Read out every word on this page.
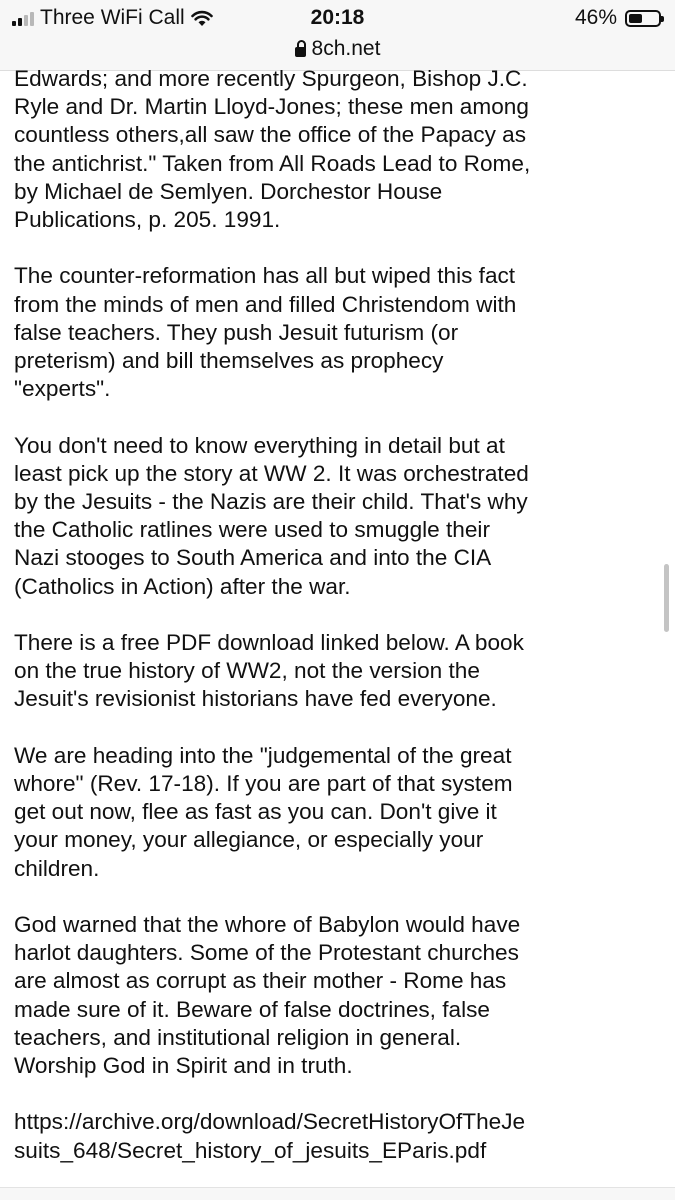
Three WiFi Call	20:18	46%
8ch.net

Edwards; and more recently Spurgeon, Bishop J.C.
Ryle and Dr. Martin Lloyd-Jones; these men among
countless others,all saw the office of the Papacy as
the antichrist." Taken from All Roads Lead to Rome,
by Michael de Semlyen. Dorchestor House
Publications, p. 205. 1991.

The counter-reformation has all but wiped this fact
from the minds of men and filled Christendom with
false teachers. They push Jesuit futurism (or
preterism) and bill themselves as prophecy
"experts".

You don't need to know everything in detail but at
least pick up the story at WW 2. It was orchestrated
by the Jesuits - the Nazis are their child. That's why
the Catholic ratlines were used to smuggle their
Nazi stooges to South America and into the CIA
(Catholics in Action) after the war.

There is a free PDF download linked below. A book
on the true history of WW2, not the version the
Jesuit's revisionist historians have fed everyone.

We are heading into the "judgemental of the great
whore" (Rev. 17-18). If you are part of that system
get out now, flee as fast as you can. Don't give it
your money, your allegiance, or especially your
children.

God warned that the whore of Babylon would have
harlot daughters. Some of the Protestant churches
are almost as corrupt as their mother - Rome has
made sure of it. Beware of false doctrines, false
teachers, and institutional religion in general.
Worship God in Spirit and in truth.

https://archive.org/download/SecretHistoryOfTheJe
suits_648/Secret_history_of_jesuits_EParis.pdf
